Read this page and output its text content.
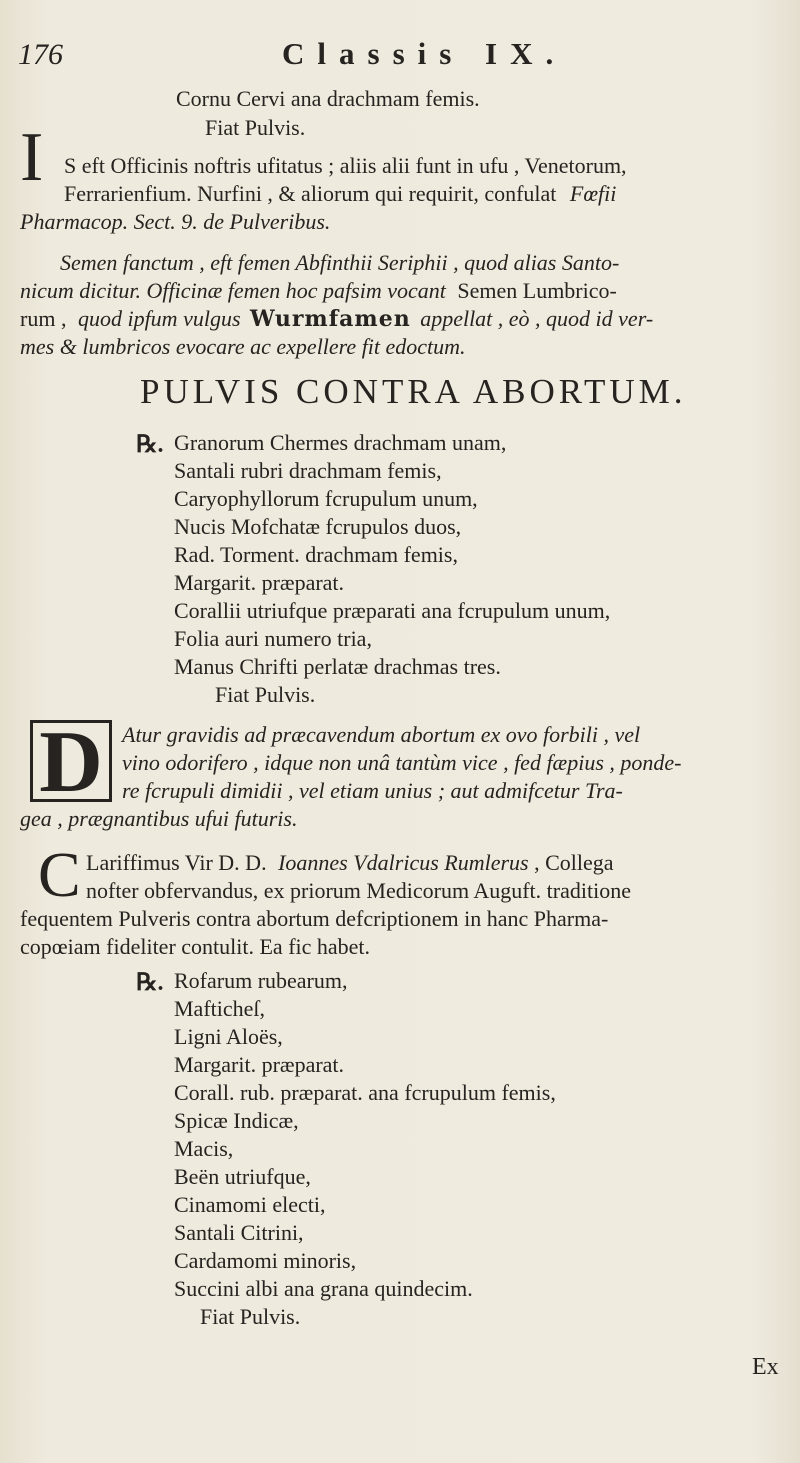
176	Classis IX.
Cornu Cervi ana drachmam femis.
Fiat Pulvis.
I S eft Officinis noftris ufitatus ; aliis alii funt in ufu , Venetorum,
Ferrarienfium. Nurfini , & aliorum qui requirit, confulat Fœfii
Pharmacop. Sect. 9. de Pulveribus.
Semen fanctum , eft femen Abfinthii Seriphii , quod alias Santo-
nicum dicitur. Officinæ femen hoc pafsim vocant Semen Lumbrico-
rum , quod ipfum vulgus Wurmfamen appellat , eò , quod id ver-
mes & lumbricos evocare ac expellere fit edoctum.
PULVIS CONTRA ABORTUM.
℞. Granorum Chermes drachmam unam,
Santali rubri drachmam femis,
Caryophyllorum fcrupulum unum,
Nucis Mofchatæ fcrupulos duos,
Rad. Torment. drachmam femis,
Margarit. præparat.
Corallii utriufque præparati ana fcrupulum unum,
Folia auri numero tria,
Manus Chrifti perlatæ drachmas tres.
Fiat Pulvis.
D Atur gravidis ad præcavendum abortum ex ovo forbili , vel
vino odorifero , idque non unâ tantùm vice , fed fæpius , ponde-
re fcrupuli dimidii , vel etiam unius ; aut admifcetur Tra-
gea , prægnantibus ufui futuris.
C Lariffimus Vir D. D. Ioannes Vdalricus Rumlerus , Collega
nofter obfervandus, ex priorum Medicorum Auguft. traditione
fequentem Pulveris contra abortum defcriptionem in hanc Pharma-
copœiam fideliter contulit. Ea fic habet.
℞. Rofarum rubearum,
Mafticheſ,
Ligni Aloës,
Margarit. præparat.
Corall. rub. præparat. ana fcrupulum femis,
Spicæ Indicæ,
Macis,
Beën utriufque,
Cinamomi electi,
Santali Citrini,
Cardamomi minoris,
Succini albi ana grana quindecim.
Fiat Pulvis.
Ex
